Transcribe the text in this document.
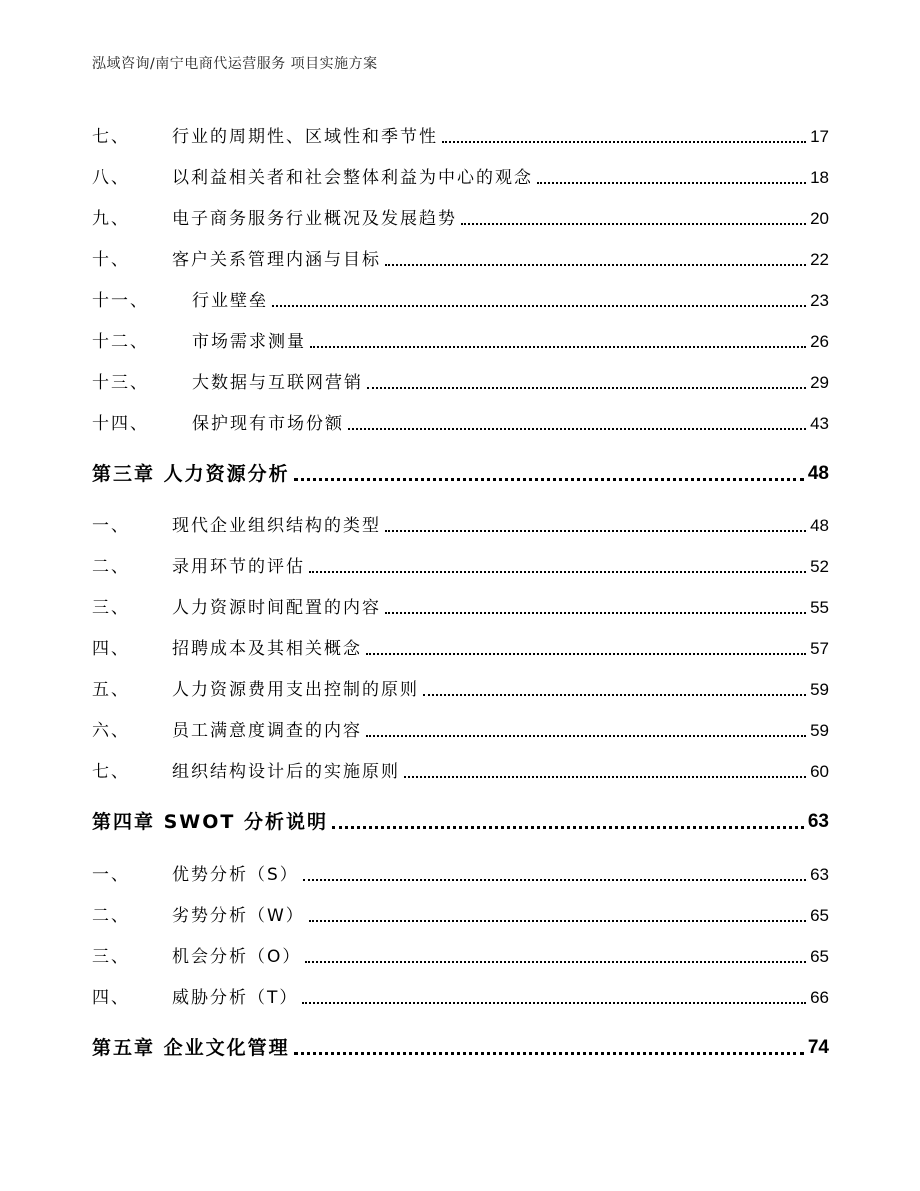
泓域咨询/南宁电商代运营服务 项目实施方案
七、	行业的周期性、区域性和季节性	17
八、	以利益相关者和社会整体利益为中心的观念	18
九、	电子商务服务行业概况及发展趋势	20
十、	客户关系管理内涵与目标	22
十一、	行业壁垒	23
十二、	市场需求测量	26
十三、	大数据与互联网营销	29
十四、	保护现有市场份额	43
第三章 人力资源分析	48
一、	现代企业组织结构的类型	48
二、	录用环节的评估	52
三、	人力资源时间配置的内容	55
四、	招聘成本及其相关概念	57
五、	人力资源费用支出控制的原则	59
六、	员工满意度调查的内容	59
七、	组织结构设计后的实施原则	60
第四章 SWOT 分析说明	63
一、	优势分析（S）	63
二、	劣势分析（W）	65
三、	机会分析（O）	65
四、	威胁分析（T）	66
第五章 企业文化管理	74
